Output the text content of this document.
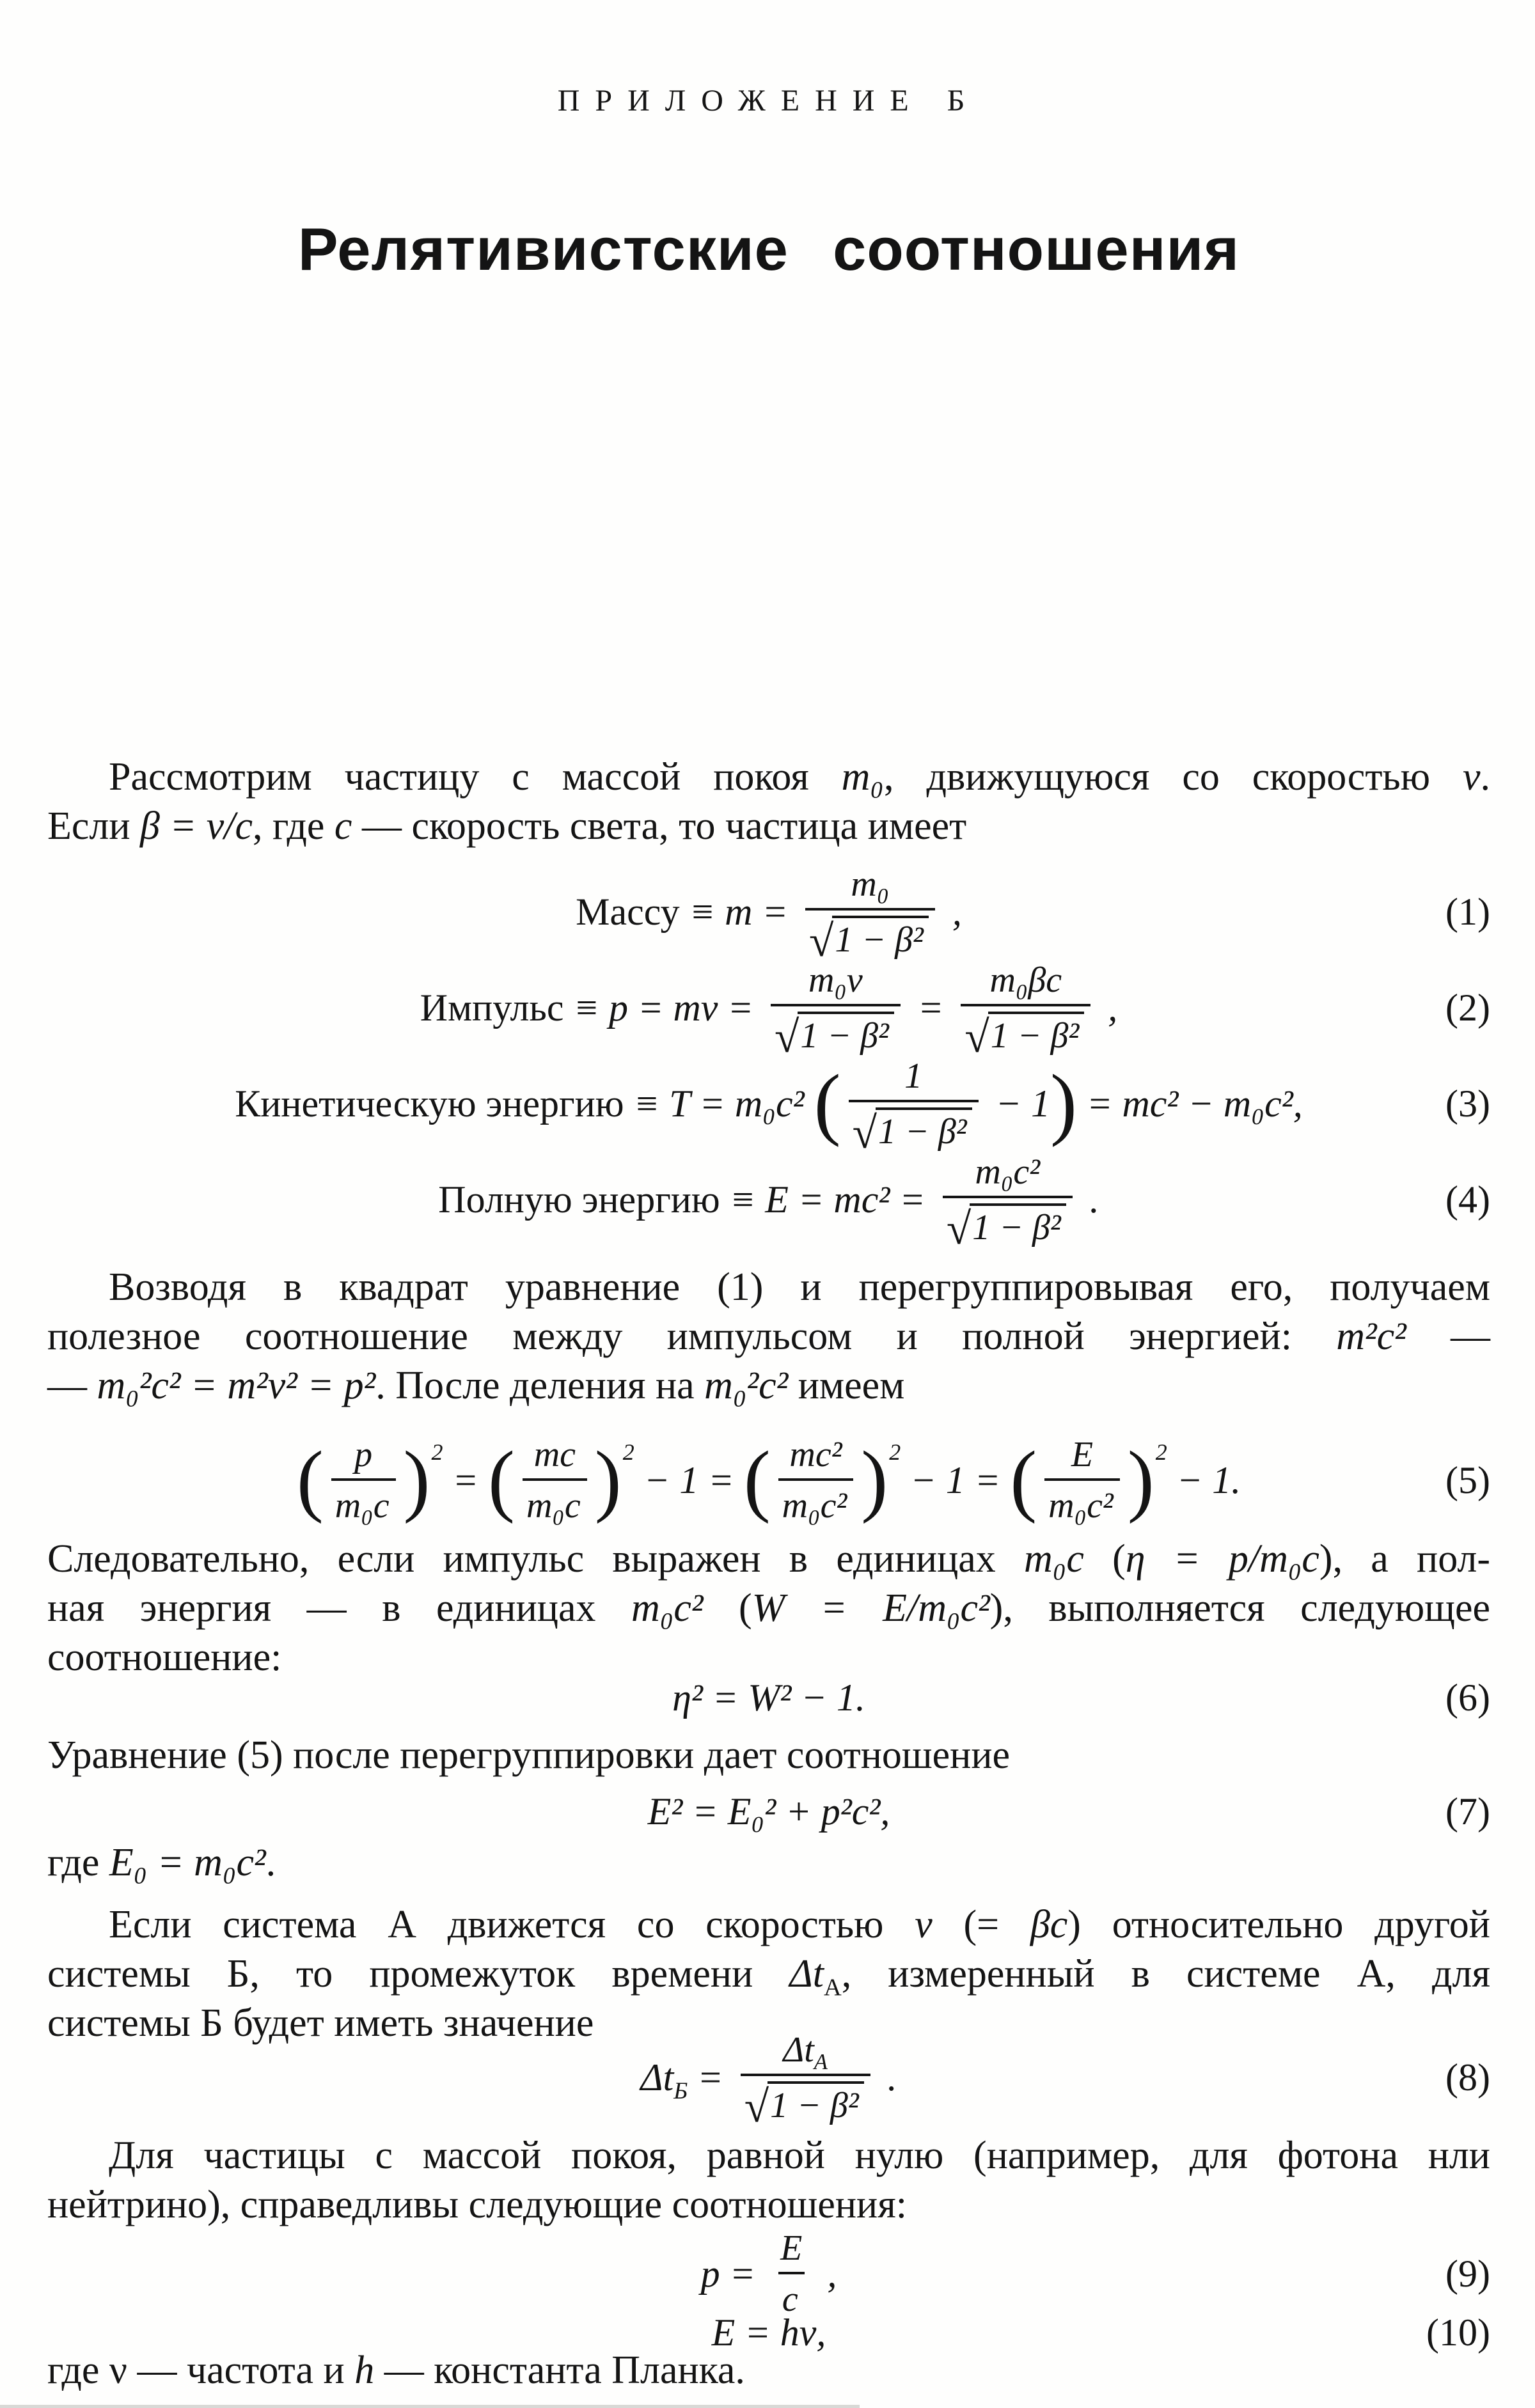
ПРИЛОЖЕНИЕ Б
Релятивистские соотношения

Рассмотрим частицу с массой покоя m₀, движущуюся со скоростью v.
Если β = v/c, где c — скорость света, то частица имеет

Массу ≡ $m = \frac{\text{m₀}}{\text{√ 1 − β²}}$ ,	(1)
Импульс ≡ p = mv = $\frac{\text{m₀v}}{\text{√ 1 − β²}} = \frac{\text{m₀βc}}{\text{√ 1 − β²}}$ ,	(2)
Кинетическую энергию ≡ T = m₀c² ( $\frac{1}{\text{√ 1 − β²}} - 1$ ) = mc² − m₀c²,	(3)
Полную энергию ≡ $E = mc^2 = \frac{\text{m₀c²}}{\text{√ 1 − β²}}$ .	(4)

Возводя в квадрат уравнение (1) и перегруппировывая его, получаем
полезное соотношение между импульсом и полной энергией: m²c² —
— m₀²c² = m²v² = p². После деления на m₀²c² имеем

( $\frac{p}{\text{m₀c}}$ ) 2
= ( $\frac{mc}{\text{m₀c}}$ ) 2
− 1 = ( $\frac{\text{mc²}}{\text{m₀c²}}$ ) 2
− 1 = ( $\frac{E}{\text{m₀c²}}$ ) 2
− 1.	(5)

Следовательно, если импульс выражен в единицах m₀c (η = p/m₀c), а пол-
ная энергия — в единицах m₀c² (W = E/m₀c²), выполняется следующее
соотношение:

η² = W² − 1.	(6)

Уравнение (5) после перегруппировки дает соотношение

E² = E₀² + p²c²,	(7)

где E₀ = m₀c².

Если система А движется со скоростью v (= βc) относительно другой
системы Б, то промежуток времени $\Delta t_А$, измеренный в системе А, для
системы Б будет иметь значение

$\Delta t_Б = \frac{\Delta t_А}{\text{√ 1 − β²}}$ .	(8)

Для частицы с массой покоя, равной нулю (например, для фотона нли
нейтрино), справедливы следующие соотношения:

$p = \frac{E}{c}$ ,	(9)
E = hν,	(10)

где ν — частота и h — константа Планка.
